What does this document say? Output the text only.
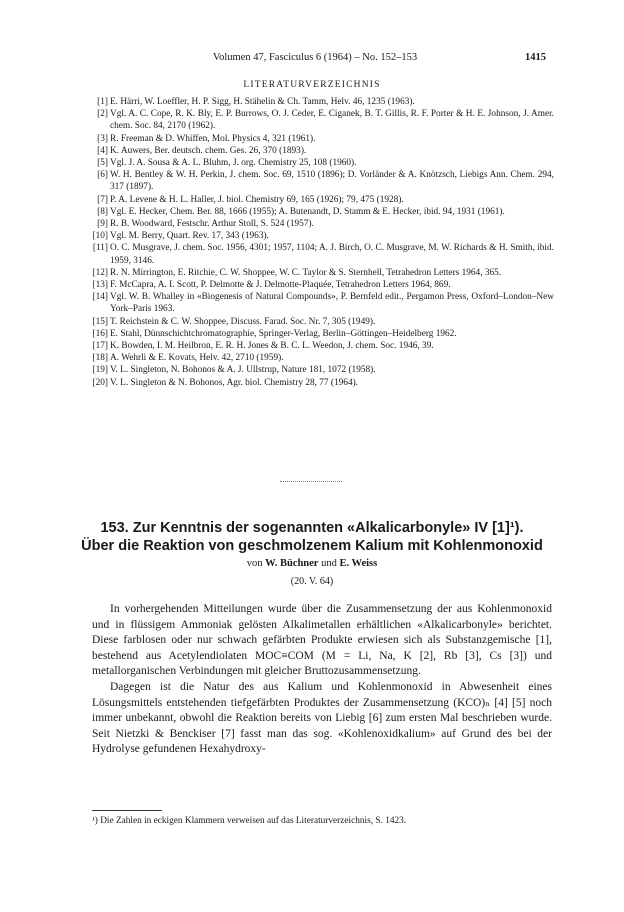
Volumen 47, Fasciculus 6 (1964) – No. 152–153	1415
LITERATURVERZEICHNIS
[1] E. Härri, W. Loeffler, H. P. Sigg, H. Stähelin & Ch. Tamm, Helv. 46, 1235 (1963).
[2] Vgl. A. C. Cope, R. K. Bly, E. P. Burrows, O. J. Ceder, E. Ciganek, B. T. Gillis, R. F. Porter & H. E. Johnson, J. Amer. chem. Soc. 84, 2170 (1962).
[3] R. Freeman & D. Whiffen, Mol. Physics 4, 321 (1961).
[4] K. Auwers, Ber. deutsch. chem. Ges. 26, 370 (1893).
[5] Vgl. J. A. Sousa & A. L. Bluhm, J. org. Chemistry 25, 108 (1960).
[6] W. H. Bentley & W. H. Perkin, J. chem. Soc. 69, 1510 (1896); D. Vorländer & A. Knötzsch, Liebigs Ann. Chem. 294, 317 (1897).
[7] P. A. Levene & H. L. Haller, J. biol. Chemistry 69, 165 (1926); 79, 475 (1928).
[8] Vgl. E. Hecker, Chem. Ber. 88, 1666 (1955); A. Butenandt, D. Stamm & E. Hecker, ibid. 94, 1931 (1961).
[9] R. B. Woodward, Festschr. Arthur Stoll, S. 524 (1957).
[10] Vgl. M. Berry, Quart. Rev. 17, 343 (1963).
[11] O. C. Musgrave, J. chem. Soc. 1956, 4301; 1957, 1104; A. J. Birch, O. C. Musgrave, M. W. Richards & H. Smith, ibid. 1959, 3146.
[12] R. N. Mirrington, E. Ritchie, C. W. Shoppee, W. C. Taylor & S. Sternhell, Tetrahedron Letters 1964, 365.
[13] F. McCapra, A. I. Scott, P. Delmotte & J. Delmotte-Plaquée, Tetrahedron Letters 1964, 869.
[14] Vgl. W. B. Whalley in «Biogenesis of Natural Compounds», P. Bernfeld edit., Pergamon Press, Oxford–London–New York–Paris 1963.
[15] T. Reichstein & C. W. Shoppee, Discuss. Farad. Soc. Nr. 7, 305 (1949).
[16] E. Stahl, Dünnschichtchromatographie, Springer-Verlag, Berlin–Göttingen–Heidelberg 1962.
[17] K. Bowden, I. M. Heilbron, E. R. H. Jones & B. C. L. Weedon, J. chem. Soc. 1946, 39.
[18] A. Wehrli & E. Kovats, Helv. 42, 2710 (1959).
[19] V. L. Singleton, N. Bohonos & A. J. Ullstrup, Nature 181, 1072 (1958).
[20] V. L. Singleton & N. Bohonos, Agr. biol. Chemistry 28, 77 (1964).
153. Zur Kenntnis der sogenannten «Alkalicarbonyle» IV [1]¹).
Über die Reaktion von geschmolzenem Kalium mit Kohlenmonoxid
von W. Büchner und E. Weiss
(20. V. 64)

In vorhergehenden Mitteilungen wurde über die Zusammensetzung der aus Kohlenmonoxid und in flüssigem Ammoniak gelösten Alkalimetallen erhältlichen «Alkalicarbonyle» berichtet. Diese farblosen oder nur schwach gefärbten Produkte erwiesen sich als Substanzgemische [1], bestehend aus Acetylendiolaten MOC≡COM (M = Li, Na, K [2], Rb [3], Cs [3]) und metallorganischen Verbindungen mit gleicher Bruttozusammensetzung.

Dagegen ist die Natur des aus Kalium und Kohlenmonoxid in Abwesenheit eines Lösungsmittels entstehenden tiefgefärbten Produktes der Zusammensetzung (KCO)ₙ [4] [5] noch immer unbekannt, obwohl die Reaktion bereits von Liebig [6] zum ersten Mal beschrieben wurde. Seit Nietzki & Benckiser [7] fasst man das sog. «Kohlenoxidkalium» auf Grund des bei der Hydrolyse gefundenen Hexahydroxy-

¹) Die Zahlen in eckigen Klammern verweisen auf das Literaturverzeichnis, S. 1423.
